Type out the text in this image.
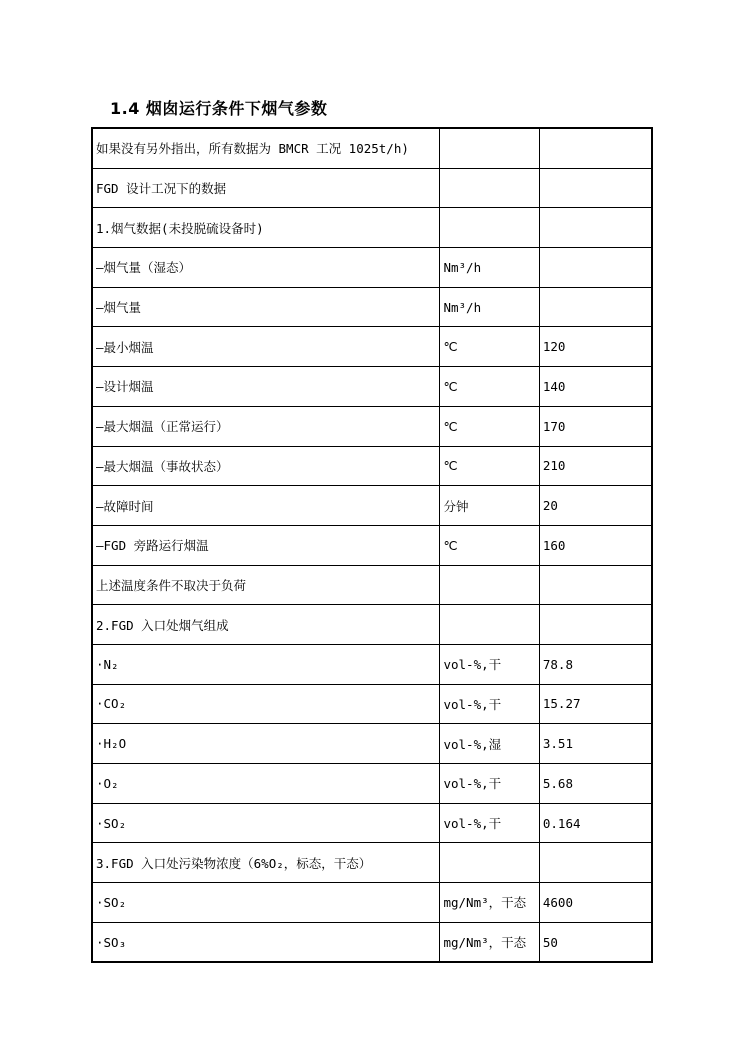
1.4 烟囱运行条件下烟气参数
如果没有另外指出，所有数据为 BMCR 工况 1025t/h)		
FGD 设计工况下的数据		
1.烟气数据(未投脱硫设备时)		
—烟气量（湿态）	Nm³/h	
—烟气量	Nm³/h	
—最小烟温	℃	120
—设计烟温	℃	140
—最大烟温（正常运行）	℃	170
—最大烟温（事故状态）	℃	210
—故障时间	分钟	20
—FGD 旁路运行烟温	℃	160
上述温度条件不取决于负荷		
2.FGD 入口处烟气组成		
·N₂	vol-%,干	78.8
·CO₂	vol-%,干	15.27
·H₂O	vol-%,湿	3.51
·O₂	vol-%,干	5.68
·SO₂	vol-%,干	0.164
3.FGD 入口处污染物浓度（6%O₂，标态，干态）		
·SO₂	mg/Nm³，干态	4600
·SO₃	mg/Nm³，干态	50
